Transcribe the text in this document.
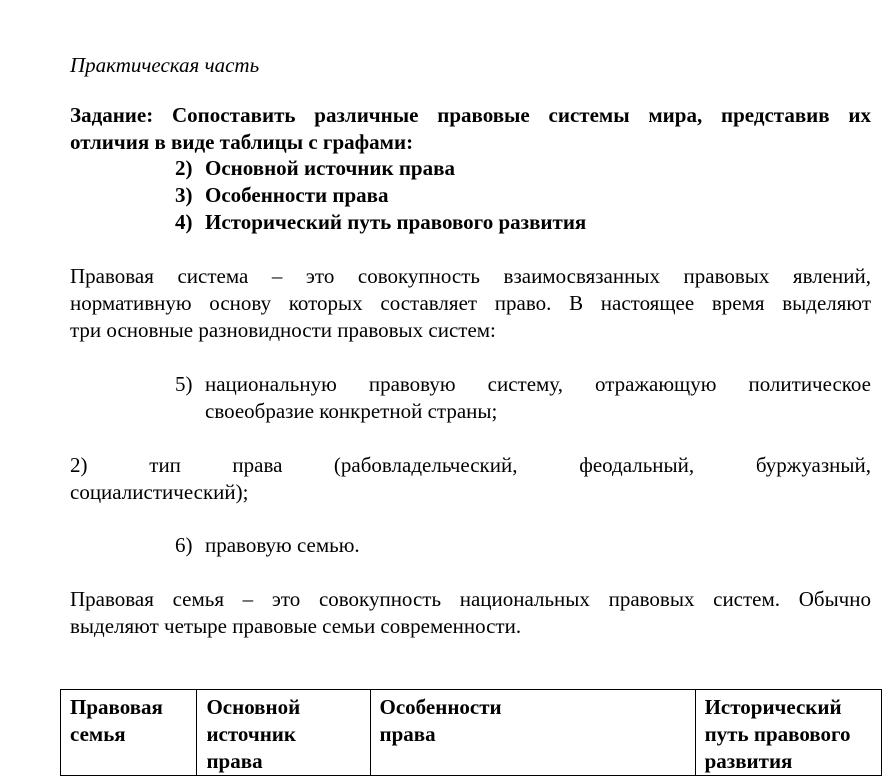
Практическая часть
Задание: Сопоставить различные правовые системы мира, представив их
отличия в виде таблицы с графами:
2) Основной источник права
3) Особенности права
4) Исторический путь правового развития
Правовая система – это совокупность взаимосвязанных правовых явлений,
нормативную основу которых составляет право. В настоящее время выделяют
три основные разновидности правовых систем:
5) национальную правовую систему, отражающую политическое
своеобразие конкретной страны;
2)      тип     права     (рабовладельческий,      феодальный,      буржуазный,
социалистический);
6) правовую семью.
Правовая семья – это совокупность национальных правовых систем. Обычно
выделяют четыре правовые семьи современности.
Правовая
семья	Основной
источник
права	Особенности
права	Исторический
путь правового
развития
